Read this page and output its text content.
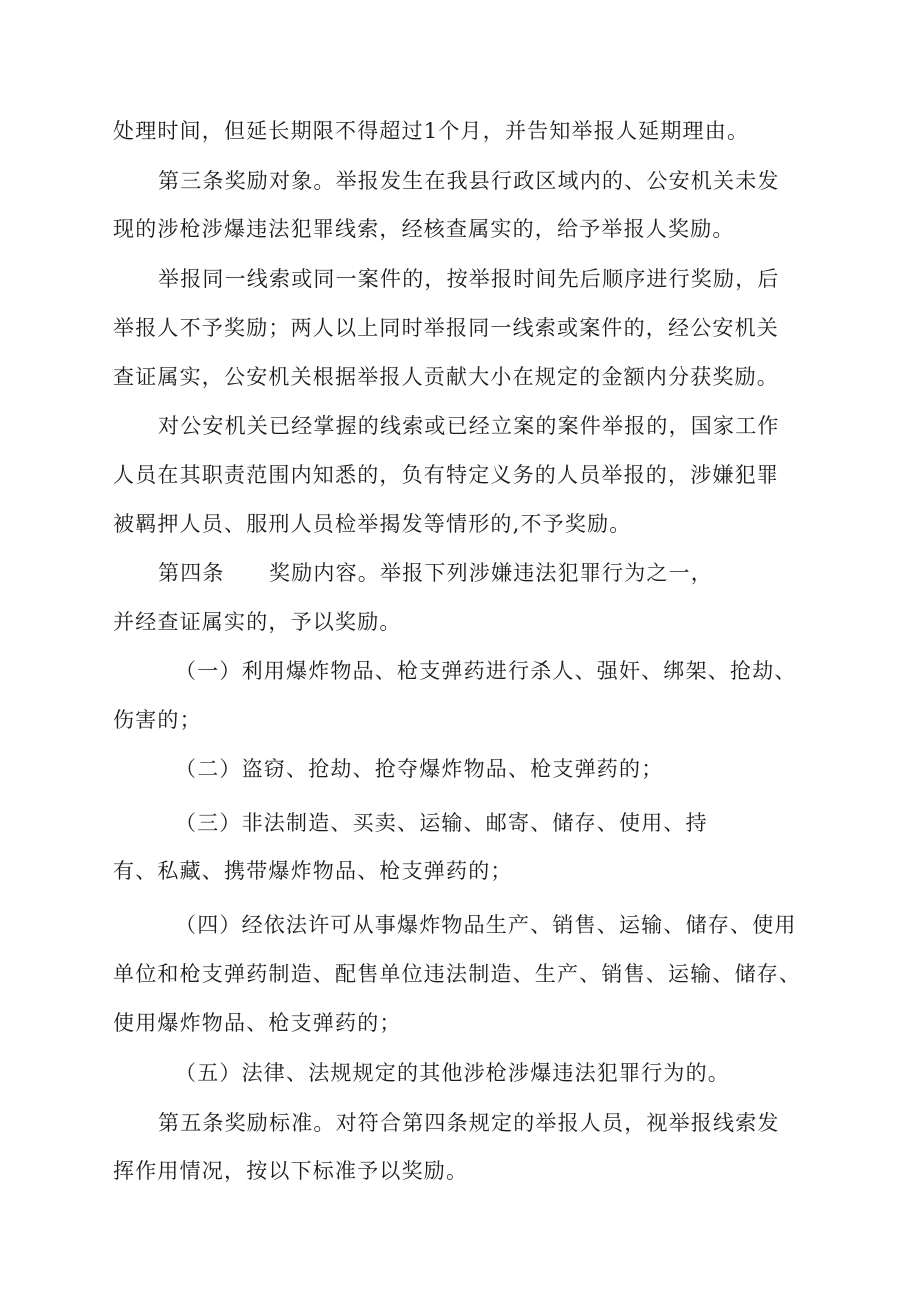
处理时间，但延长期限不得超过1个月，并告知举报人延期理由。
第三条奖励对象。举报发生在我县行政区域内的、公安机关未发
现的涉枪涉爆违法犯罪线索，经核查属实的，给予举报人奖励。
举报同一线索或同一案件的，按举报时间先后顺序进行奖励，后
举报人不予奖励；两人以上同时举报同一线索或案件的，经公安机关
查证属实，公安机关根据举报人贡献大小在规定的金额内分获奖励。
对公安机关已经掌握的线索或已经立案的案件举报的，国家工作
人员在其职责范围内知悉的，负有特定义务的人员举报的，涉嫌犯罪
被羁押人员、服刑人员检举揭发等情形的,不予奖励。
第四条　　奖励内容。举报下列涉嫌违法犯罪行为之一，
并经查证属实的，予以奖励。
（一）利用爆炸物品、枪支弹药进行杀人、强奸、绑架、抢劫、
伤害的；
（二）盗窃、抢劫、抢夺爆炸物品、枪支弹药的；
（三）非法制造、买卖、运输、邮寄、储存、使用、持
有、私藏、携带爆炸物品、枪支弹药的；
（四）经依法许可从事爆炸物品生产、销售、运输、储存、使用
单位和枪支弹药制造、配售单位违法制造、生产、销售、运输、储存、
使用爆炸物品、枪支弹药的；
（五）法律、法规规定的其他涉枪涉爆违法犯罪行为的。
第五条奖励标准。对符合第四条规定的举报人员，视举报线索发
挥作用情况，按以下标准予以奖励。
